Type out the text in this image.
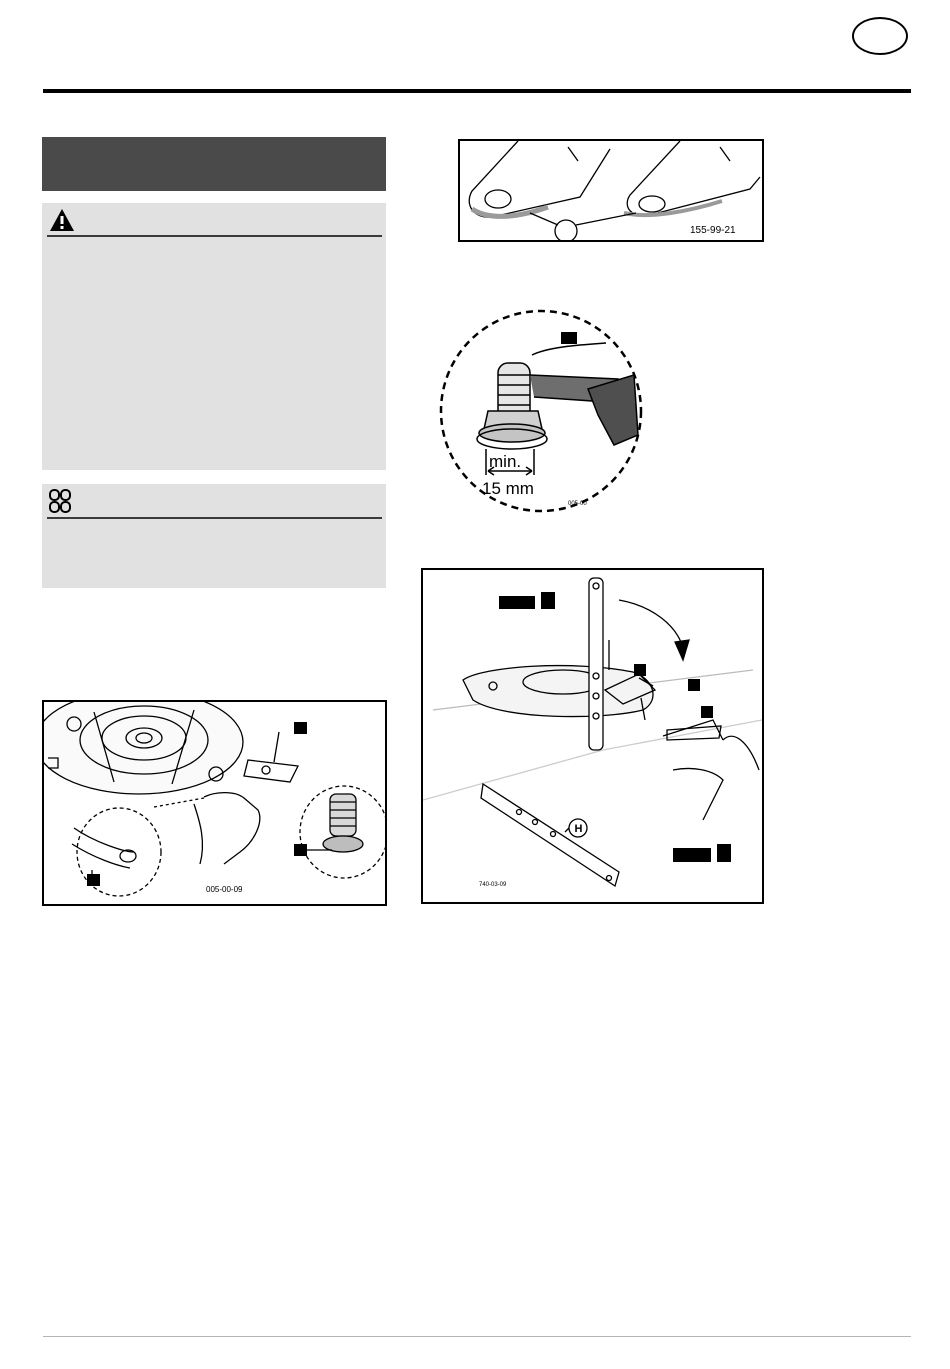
005-00-09
155-99-21
min.
15 mm
005-00
H
740-03-09
